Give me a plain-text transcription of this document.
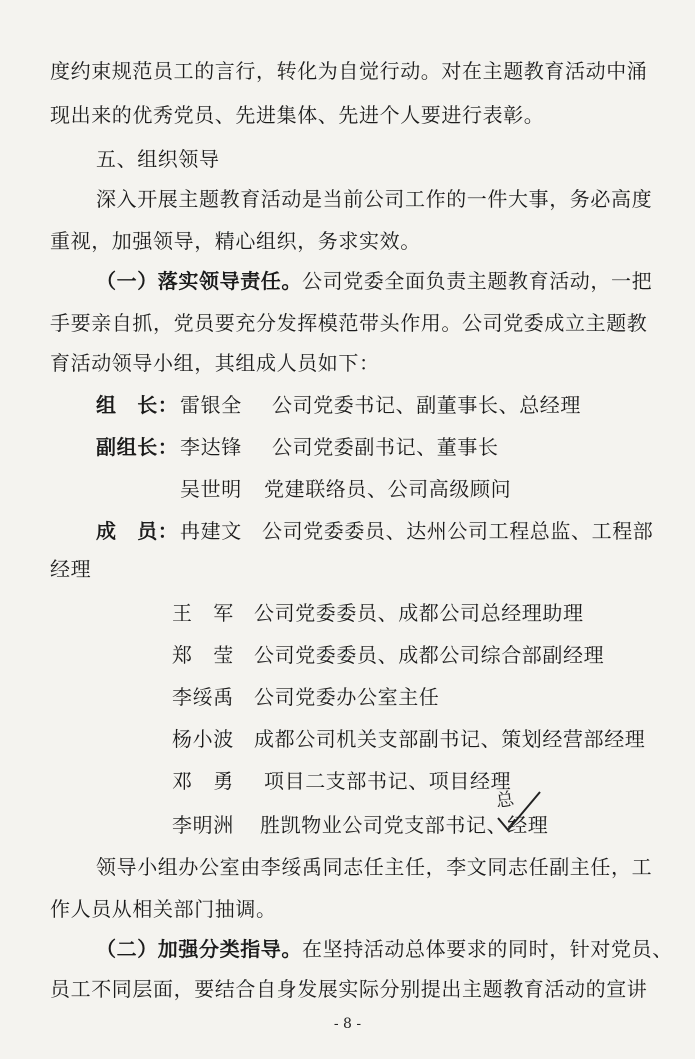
度约束规范员工的言行，转化为自觉行动。对在主题教育活动中涌
现出来的优秀党员、先进集体、先进个人要进行表彰。
五、组织领导
深入开展主题教育活动是当前公司工作的一件大事，务必高度
重视，加强领导，精心组织，务求实效。
（一）落实领导责任。公司党委全面负责主题教育活动，一把
手要亲自抓，党员要充分发挥模范带头作用。公司党委成立主题教
育活动领导小组，其组成人员如下：
组　长：雷银全 公司党委书记、副董事长、总经理
副组长：李达锋 公司党委副书记、董事长
吴世明 党建联络员、公司高级顾问
成　员：冉建文 公司党委委员、达州公司工程总监、工程部
经理
王　军 公司党委委员、成都公司总经理助理
郑　莹 公司党委委员、成都公司综合部副经理
李绥禹 公司党委办公室主任
杨小波 成都公司机关支部副书记、策划经营部经理
邓　勇 项目二支部书记、项目经理
李明洲 胜凯物业公司党支部书记、经理
总
领导小组办公室由李绥禹同志任主任，李文同志任副主任，工
作人员从相关部门抽调。
（二）加强分类指导。在坚持活动总体要求的同时，针对党员、
员工不同层面，要结合自身发展实际分别提出主题教育活动的宣讲
- 8 -
